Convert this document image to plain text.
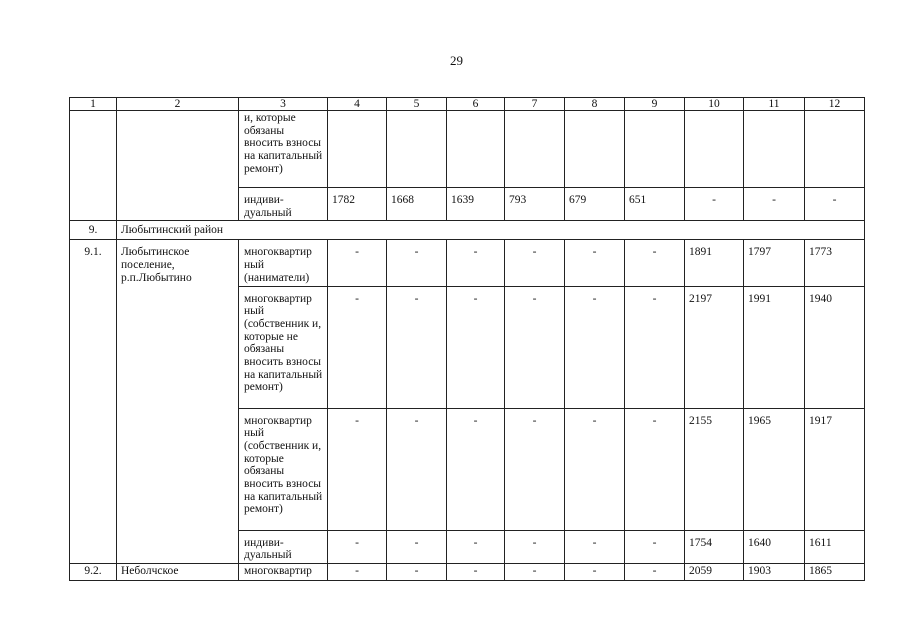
29
1	2	3	4	5	6	7	8	9	10	11	12
		и, которые обязаны вносить взносы на капитальный ремонт)									
		индиви-
дуальный	1782	1668	1639	793	679	651	-	-	-
9.	Любытинский район										
9.1.	Любытинское поселение, р.п.Любытино	многоквартир ный (наниматели)	-	-	-	-	-	-	1891	1797	1773
		многоквартир ный (собственник и, которые не обязаны вносить взносы на капитальный ремонт)	-	-	-	-	-	-	2197	1991	1940
		многоквартир ный (собственник и, которые обязаны вносить взносы на капитальный ремонт)	-	-	-	-	-	-	2155	1965	1917
		индиви-
дуальный	-	-	-	-	-	-	1754	1640	1611
9.2.	Неболчское	многоквартир	-	-	-	-	-	-	2059	1903	1865
